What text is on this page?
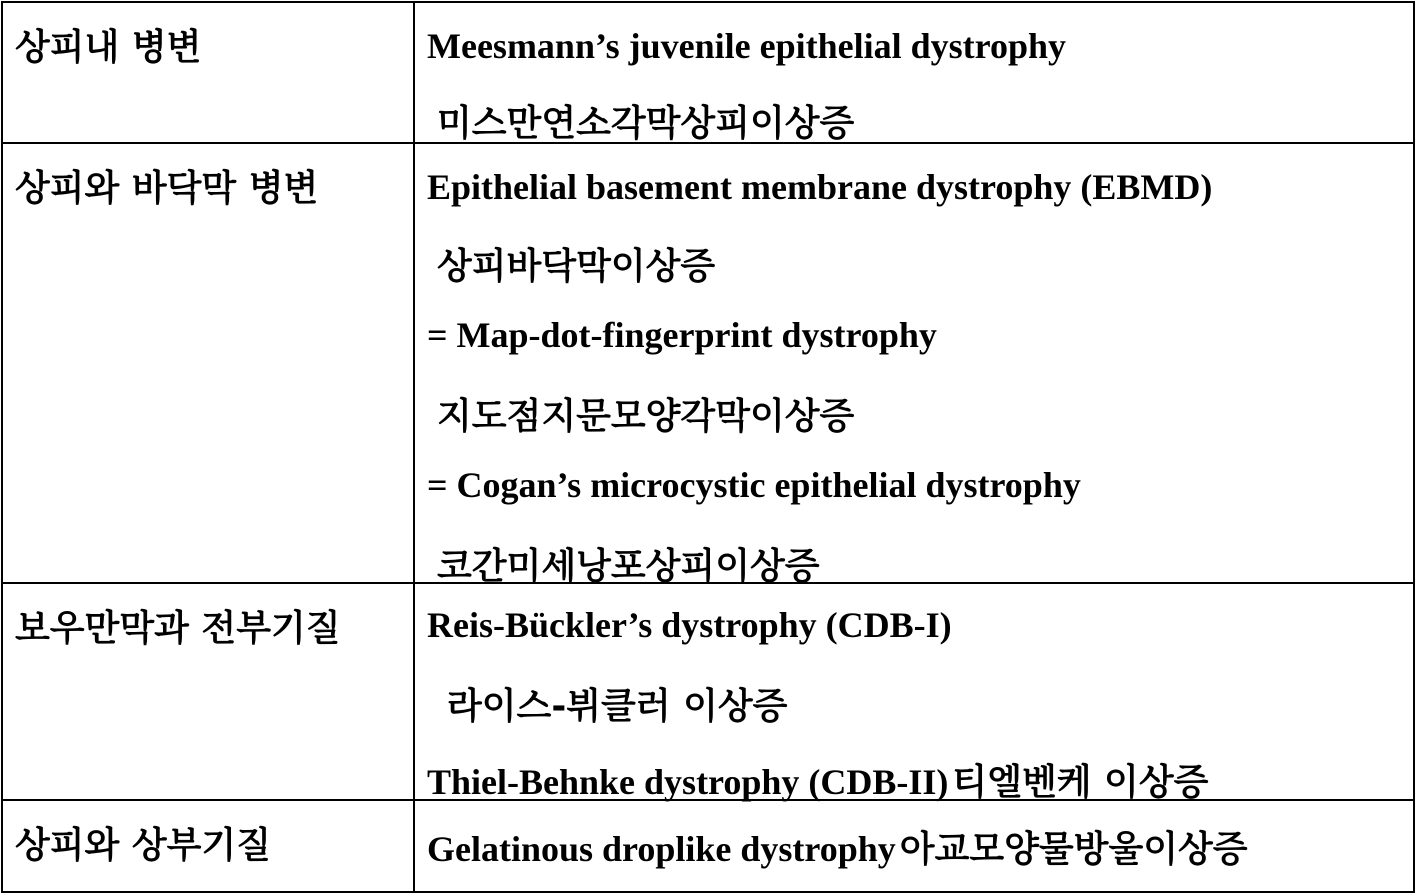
상피내 병변	Meesmann’s juvenile epithelial dystrophy
미스만연소각막상피이상증
상피와 바닥막 병변	Epithelial basement membrane dystrophy (EBMD)
상피바닥막이상증
= Map-dot-fingerprint dystrophy
지도점지문모양각막이상증
= Cogan’s microcystic epithelial dystrophy
코간미세낭포상피이상증
보우만막과 전부기질	Reis-Bückler’s dystrophy (CDB-I)
라이스-뷔클러 이상증
Thiel-Behnke dystrophy (CDB-II) 티엘벤케 이상증
상피와 상부기질	Gelatinous droplike dystrophy 아교모양물방울이상증
